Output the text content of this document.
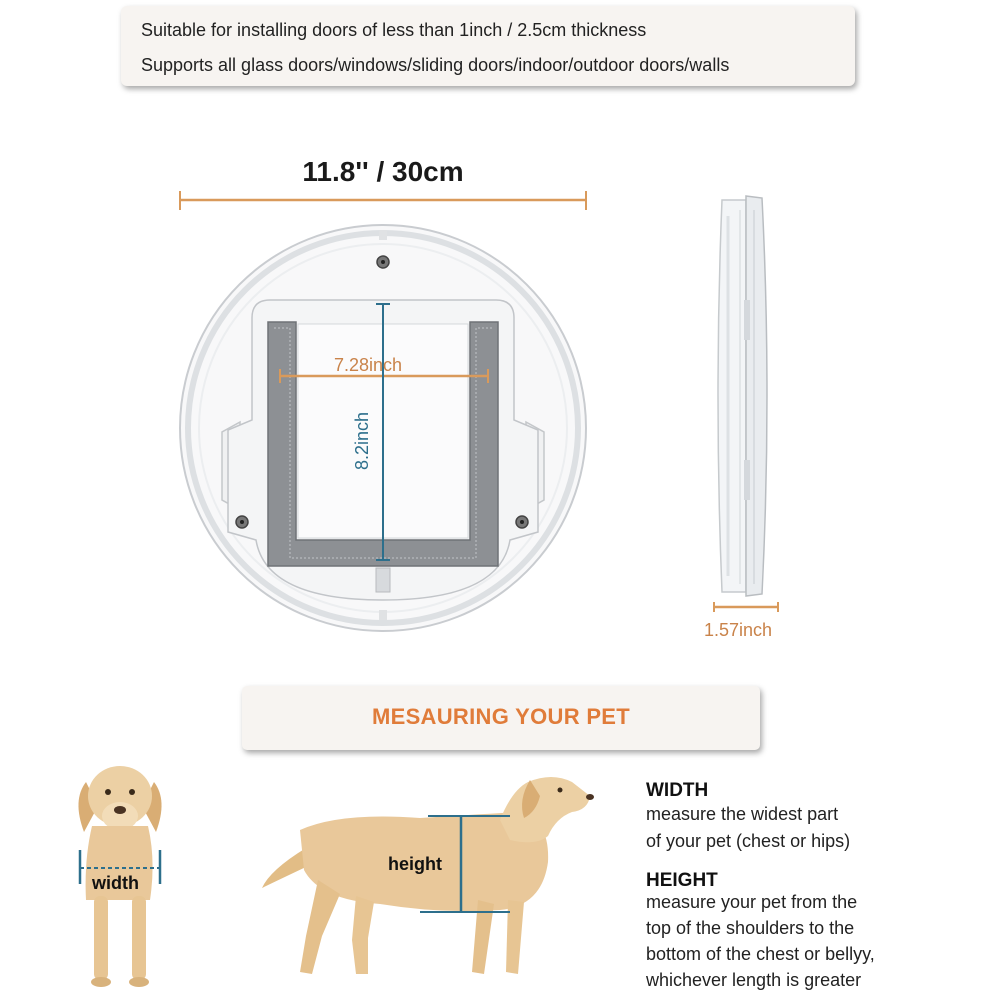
Suitable for installing doors of less than 1inch / 2.5cm thickness
Supports all glass doors/windows/sliding doors/indoor/outdoor doors/walls
11.8'' / 30cm
7.28inch
8.2inch
1.57inch
MESAURING YOUR PET
width
height
WIDTH
measure the widest part
of your pet (chest or hips)
HEIGHT
measure your pet from the
top of the shoulders to the
bottom of the chest or bellyy,
whichever length is greater
